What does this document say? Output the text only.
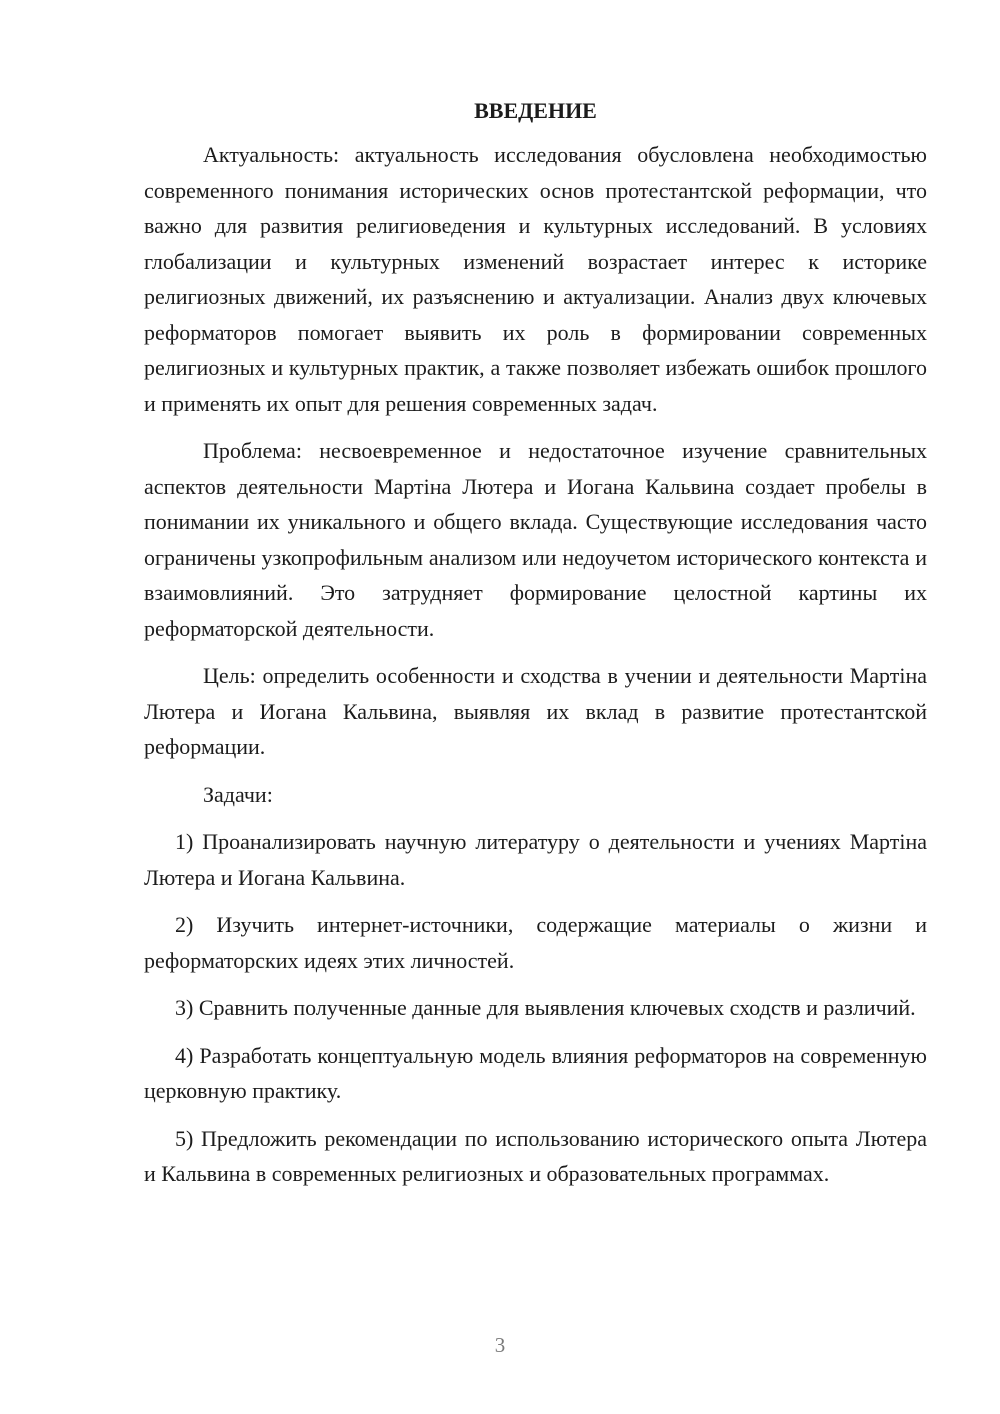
ВВЕДЕНИЕ

Актуальность: актуальность исследования обусловлена необходимостью современного понимания исторических основ протестантской реформации, что важно для развития религиоведения и культурных исследований. В условиях глобализации и культурных изменений возрастает интерес к историке религиозных движений, их разъяснению и актуализации. Анализ двух ключевых реформаторов помогает выявить их роль в формировании современных религиозных и культурных практик, а также позволяет избежать ошибок прошлого и применять их опыт для решения современных задач.

Проблема: несвоевременное и недостаточное изучение сравнительных аспектов деятельности Мартіна Лютера и Иогана Кальвина создает пробелы в понимании их уникального и общего вклада. Существующие исследования часто ограничены узкопрофильным анализом или недоучетом исторического контекста и взаимовлияний. Это затрудняет формирование целостной картины их реформаторской деятельности.

Цель: определить особенности и сходства в учении и деятельности Мартіна Лютера и Иогана Кальвина, выявляя их вклад в развитие протестантской реформации.

Задачи:

1) Проанализировать научную литературу о деятельности и учениях Мартіна Лютера и Иогана Кальвина.

2) Изучить интернет-источники, содержащие материалы о жизни и реформаторских идеях этих личностей.

3) Сравнить полученные данные для выявления ключевых сходств и различий.

4) Разработать концептуальную модель влияния реформаторов на современную церковную практику.

5) Предложить рекомендации по использованию исторического опыта Лютера и Кальвина в современных религиозных и образовательных программах.

3
